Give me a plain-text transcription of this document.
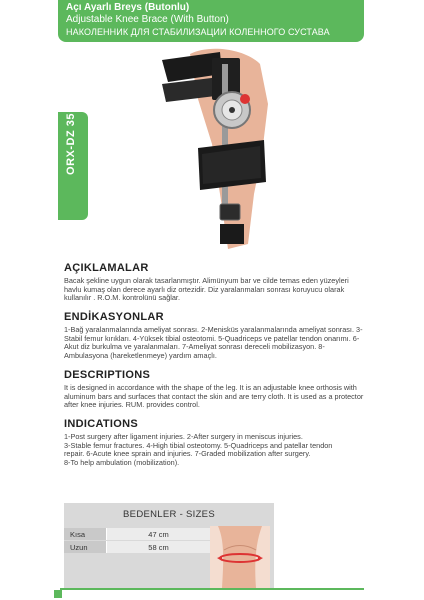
Açı Ayarlı Breys (Butonlu)
Adjustable Knee Brace (With Button)
НАКОЛЕННИК ДЛЯ СТАБИЛИЗАЦИИ КОЛЕННОГО СУСТАВА
ORX-DZ 35
AÇIKLAMALAR
Bacak şekline uygun olarak tasarlanmıştır. Alimünyum bar ve cilde temas eden yüzeyleri havlu kumaş olan derece ayarlı diz ortezidir. Diz yaralanmaları sonrası koruyucu olarak kullanılır . R.O.M. kontrolünü sağlar.
ENDİKASYONLAR
1-Bağ yaralanmalarında ameliyat sonrası. 2-Menisküs yaralanmalarında ameliyat sonrası. 3-Stabil femur kırıkları. 4-Yüksek tibial osteotomi. 5-Quadriceps ve patellar tendon onarımı. 6-Akut diz burkulma ve yaralanmaları. 7-Ameliyat sonrası dereceli mobilizasyon. 8-Ambulasyona (hareketlenmeye) yardım amaçlı.
DESCRIPTIONS
It is designed in accordance with the shape of the leg. It is an adjustable knee orthosis with aluminum bars and surfaces that contact the skin and are terry cloth. It is used as a protector after knee injuries. RUM. provides control.
INDICATIONS
1-Post surgery after ligament injuries. 2-After surgery in meniscus injuries.
3-Stable femur fractures. 4-High tibial osteotomy. 5-Quadriceps and patellar tendon
repair. 6-Acute knee sprain and injuries. 7-Graded mobilization after surgery.
8-To help ambulation (mobilization).
BEDENLER - SIZES
Kısa	47 cm
Uzun	58 cm
